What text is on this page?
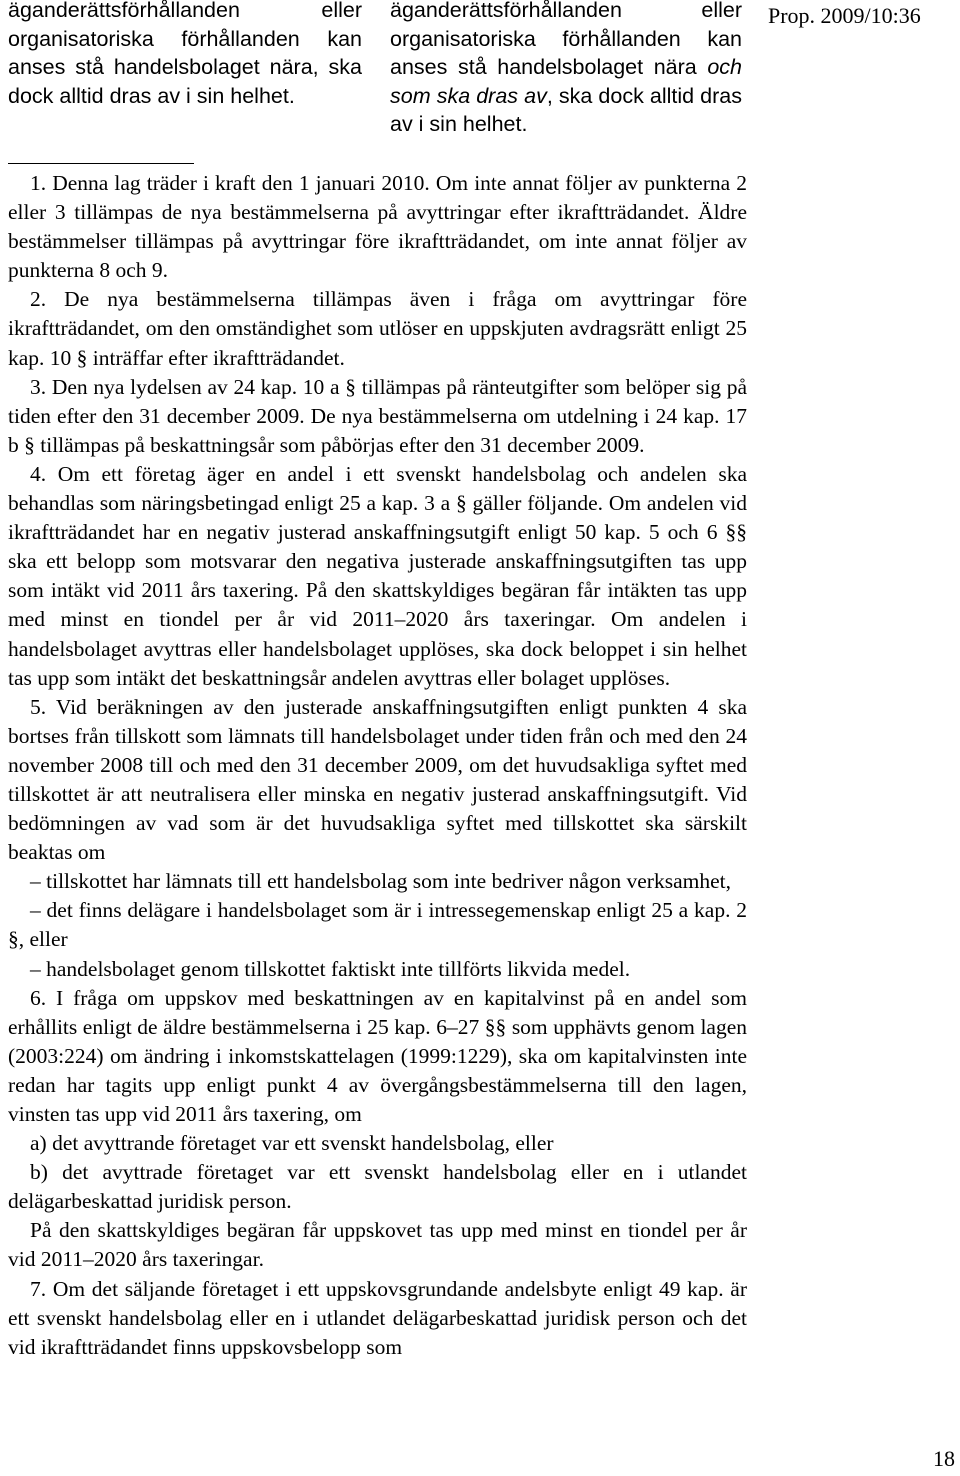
äganderättsförhållanden eller organisatoriska förhållanden kan anses stå handelsbolaget nära, ska dock alltid dras av i sin helhet.

äganderättsförhållanden eller organisatoriska förhållanden kan anses stå handelsbolaget nära och som ska dras av, ska dock alltid dras av i sin helhet.

Prop. 2009/10:36

1. Denna lag träder i kraft den 1 januari 2010. Om inte annat följer av punkterna 2 eller 3 tillämpas de nya bestämmelserna på avyttringar efter ikraftträdandet. Äldre bestämmelser tillämpas på avyttringar före ikraftträdandet, om inte annat följer av punkterna 8 och 9.

2. De nya bestämmelserna tillämpas även i fråga om avyttringar före ikraftträdandet, om den omständighet som utlöser en uppskjuten avdragsrätt enligt 25 kap. 10 § inträffar efter ikraftträdandet.

3. Den nya lydelsen av 24 kap. 10 a § tillämpas på ränteutgifter som belöper sig på tiden efter den 31 december 2009. De nya bestämmelserna om utdelning i 24 kap. 17 b § tillämpas på beskattningsår som påbörjas efter den 31 december 2009.

4. Om ett företag äger en andel i ett svenskt handelsbolag och andelen ska behandlas som näringsbetingad enligt 25 a kap. 3 a § gäller följande. Om andelen vid ikraftträdandet har en negativ justerad anskaffningsutgift enligt 50 kap. 5 och 6 §§ ska ett belopp som motsvarar den negativa justerade anskaffningsutgiften tas upp som intäkt vid 2011 års taxering. På den skattskyldiges begäran får intäkten tas upp med minst en tiondel per år vid 2011–2020 års taxeringar. Om andelen i handelsbolaget avyttras eller handelsbolaget upplöses, ska dock beloppet i sin helhet tas upp som intäkt det beskattningsår andelen avyttras eller bolaget upplöses.

5. Vid beräkningen av den justerade anskaffningsutgiften enligt punkten 4 ska bortses från tillskott som lämnats till handelsbolaget under tiden från och med den 24 november 2008 till och med den 31 december 2009, om det huvudsakliga syftet med tillskottet är att neutralisera eller minska en negativ justerad anskaffningsutgift. Vid bedömningen av vad som är det huvudsakliga syftet med tillskottet ska särskilt beaktas om

– tillskottet har lämnats till ett handelsbolag som inte bedriver någon verksamhet,

– det finns delägare i handelsbolaget som är i intressegemenskap enligt 25 a kap. 2 §, eller

– handelsbolaget genom tillskottet faktiskt inte tillförts likvida medel.

6. I fråga om uppskov med beskattningen av en kapitalvinst på en andel som erhållits enligt de äldre bestämmelserna i 25 kap. 6–27 §§ som upphävts genom lagen (2003:224) om ändring i inkomstskattelagen (1999:1229), ska om kapitalvinsten inte redan har tagits upp enligt punkt 4 av övergångsbestämmelserna till den lagen, vinsten tas upp vid 2011 års taxering, om

a) det avyttrande företaget var ett svenskt handelsbolag, eller

b) det avyttrade företaget var ett svenskt handelsbolag eller en i utlandet delägarbeskattad juridisk person.

På den skattskyldiges begäran får uppskovet tas upp med minst en tiondel per år vid 2011–2020 års taxeringar.

7. Om det säljande företaget i ett uppskovsgrundande andelsbyte enligt 49 kap. är ett svenskt handelsbolag eller en i utlandet delägarbeskattad juridisk person och det vid ikraftträdandet finns uppskovsbelopp som

18
